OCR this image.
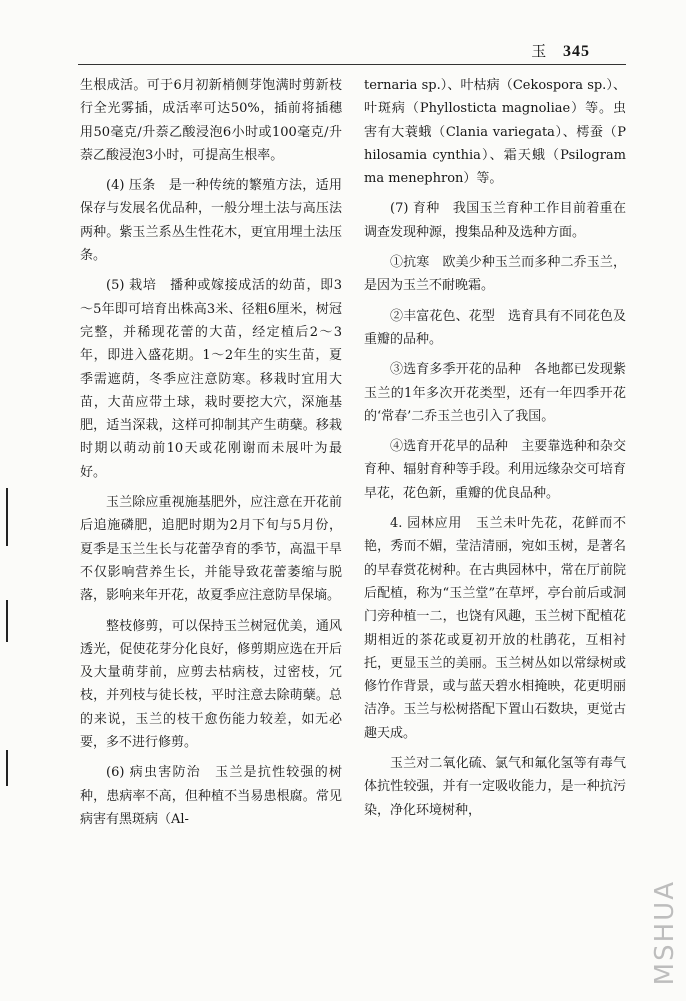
玉 345

生根成活。可于6月初新梢侧芽饱满时剪新枝行全光雾插，成活率可达50%，插前将插穗用50毫克/升萘乙酸浸泡6小时或100毫克/升萘乙酸浸泡3小时，可提高生根率。

(4) 压条　是一种传统的繁殖方法，适用保存与发展名优品种，一般分埋土法与高压法两种。紫玉兰系丛生性花木，更宜用埋土法压条。

(5) 栽培　播种或嫁接成活的幼苗，即3～5年即可培育出株高3米、径粗6厘米，树冠完整，并稀现花蕾的大苗，经定植后2～3年，即进入盛花期。1～2年生的实生苗，夏季需遮荫，冬季应注意防寒。移栽时宜用大苗，大苗应带土球，栽时要挖大穴，深施基肥，适当深栽，这样可抑制其产生萌蘖。移栽时期以萌动前10天或花刚谢而未展叶为最好。

玉兰除应重视施基肥外，应注意在开花前后追施磷肥，追肥时期为2月下旬与5月份，夏季是玉兰生长与花蕾孕育的季节，高温干旱不仅影响营养生长，并能导致花蕾萎缩与脱落，影响来年开花，故夏季应注意防旱保墒。

整枝修剪，可以保持玉兰树冠优美，通风透光，促使花芽分化良好，修剪期应选在开后及大量萌芽前，应剪去枯病枝，过密枝，冗枝，并列枝与徒长枝，平时注意去除萌蘖。总的来说，玉兰的枝干愈伤能力较差，如无必要，多不进行修剪。

(6) 病虫害防治　玉兰是抗性较强的树种，患病率不高，但种植不当易患根腐。常见病害有黑斑病（Al-

ternaria sp.）、叶枯病（Cekospora sp.）、叶斑病（Phyllosticta magnoliae）等。虫害有大蓑蛾（Clania variegata）、樗蚕（Philosamia cynthia）、霜天蛾（Psilogramma menephron）等。

(7) 育种　我国玉兰育种工作目前着重在调查发现种源，搜集品种及选种方面。

①抗寒　欧美少种玉兰而多种二乔玉兰，是因为玉兰不耐晚霜。

②丰富花色、花型　选育具有不同花色及重瓣的品种。

③选育多季开花的品种　各地都已发现紫玉兰的1年多次开花类型，还有一年四季开花的‘常春’二乔玉兰也引入了我国。

④选育开花早的品种　主要靠选种和杂交育种、辐射育种等手段。利用远缘杂交可培育早花，花色新，重瓣的优良品种。

4. 园林应用　玉兰未叶先花，花鲜而不艳，秀而不媚，莹洁清丽，宛如玉树，是著名的早春赏花树种。在古典园林中，常在厅前院后配植，称为“玉兰堂”在草坪，亭台前后或洞门旁种植一二，也饶有风趣，玉兰树下配植花期相近的茶花或夏初开放的杜鹃花，互相衬托，更显玉兰的美丽。玉兰树丛如以常绿树或修竹作背景，或与蓝天碧水相掩映，花更明丽洁净。玉兰与松树搭配下置山石数块，更觉古趣天成。

玉兰对二氧化硫、氯气和氟化氢等有毒气体抗性较强，并有一定吸收能力，是一种抗污染，净化环境树种，

MSHUA
